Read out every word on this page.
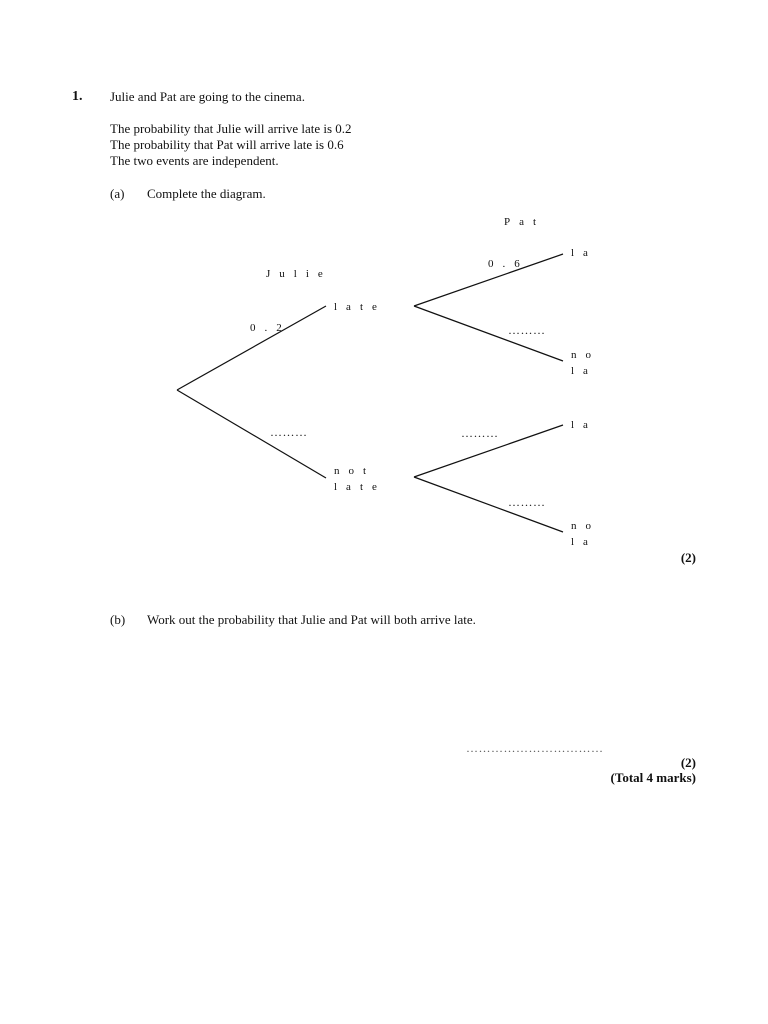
1. Julie and Pat are going to the cinema.
The probability that Julie will arrive late is 0.2
The probability that Pat will arrive late is 0.6
The two events are independent.
(a) Complete the diagram.
Julie
Pat
0.2
………
0.6
………
………
………
late
not
late
la
no
la
la
no
la
(2)
(b) Work out the probability that Julie and Pat will both arrive late.
……………………………
(2)
(Total 4 marks)
